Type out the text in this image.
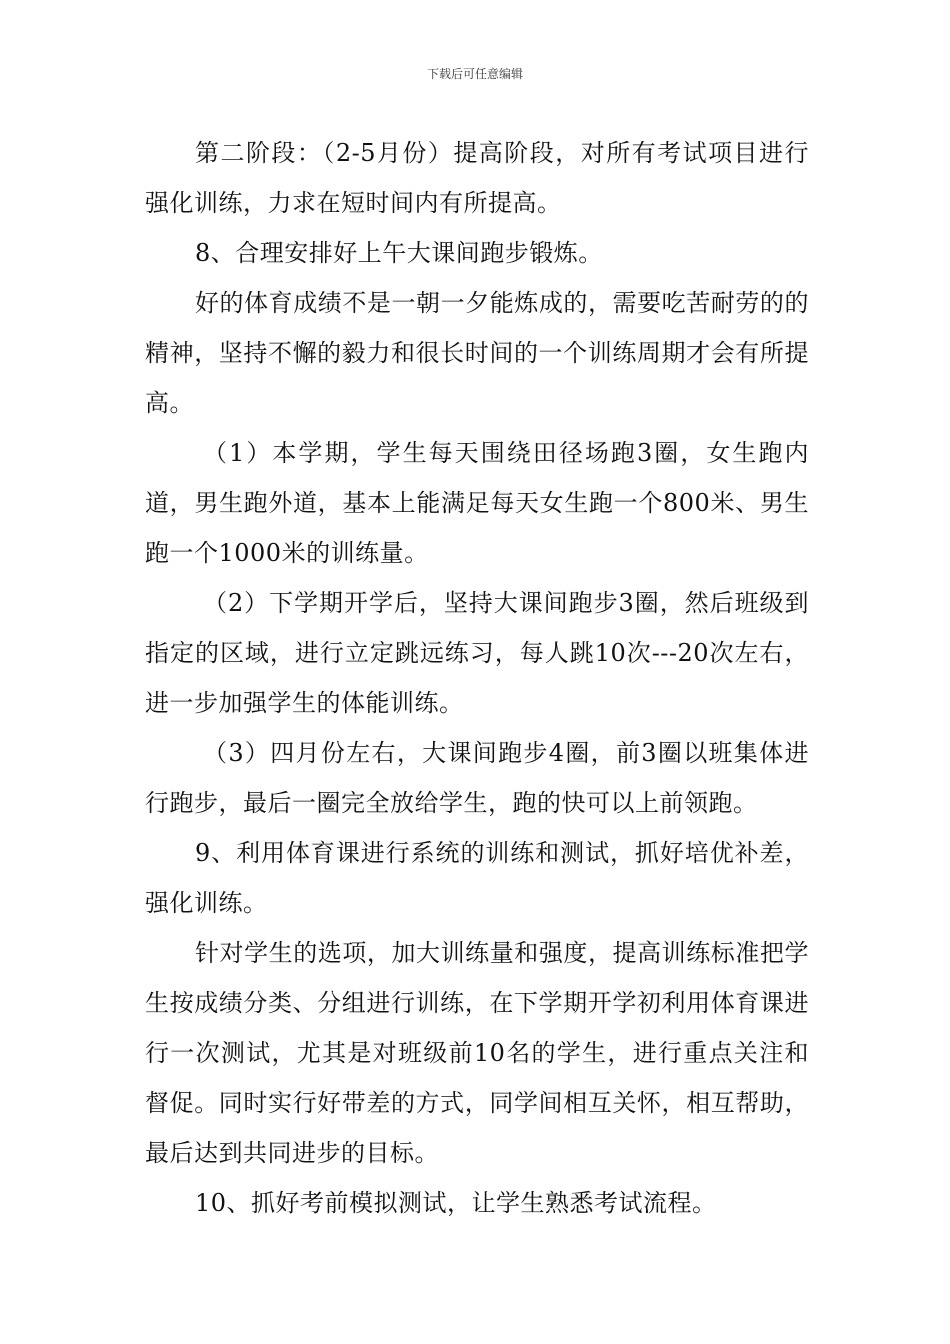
下载后可任意编辑

第二阶段：（2-5月份）提高阶段，对所有考试项目进行强化训练，力求在短时间内有所提高。

8、合理安排好上午大课间跑步锻炼。

好的体育成绩不是一朝一夕能炼成的，需要吃苦耐劳的的精神，坚持不懈的毅力和很长时间的一个训练周期才会有所提高。

（1）本学期，学生每天围绕田径场跑3圈，女生跑内道，男生跑外道，基本上能满足每天女生跑一个800米、男生跑一个1000米的训练量。

（2）下学期开学后，坚持大课间跑步3圈，然后班级到指定的区域，进行立定跳远练习，每人跳10次---20次左右，进一步加强学生的体能训练。

（3）四月份左右，大课间跑步4圈，前3圈以班集体进行跑步，最后一圈完全放给学生，跑的快可以上前领跑。

9、利用体育课进行系统的训练和测试，抓好培优补差，强化训练。

针对学生的选项，加大训练量和强度，提高训练标准把学生按成绩分类、分组进行训练，在下学期开学初利用体育课进行一次测试，尤其是对班级前10名的学生，进行重点关注和督促。同时实行好带差的方式，同学间相互关怀，相互帮助，最后达到共同进步的目标。

10、抓好考前模拟测试，让学生熟悉考试流程。
